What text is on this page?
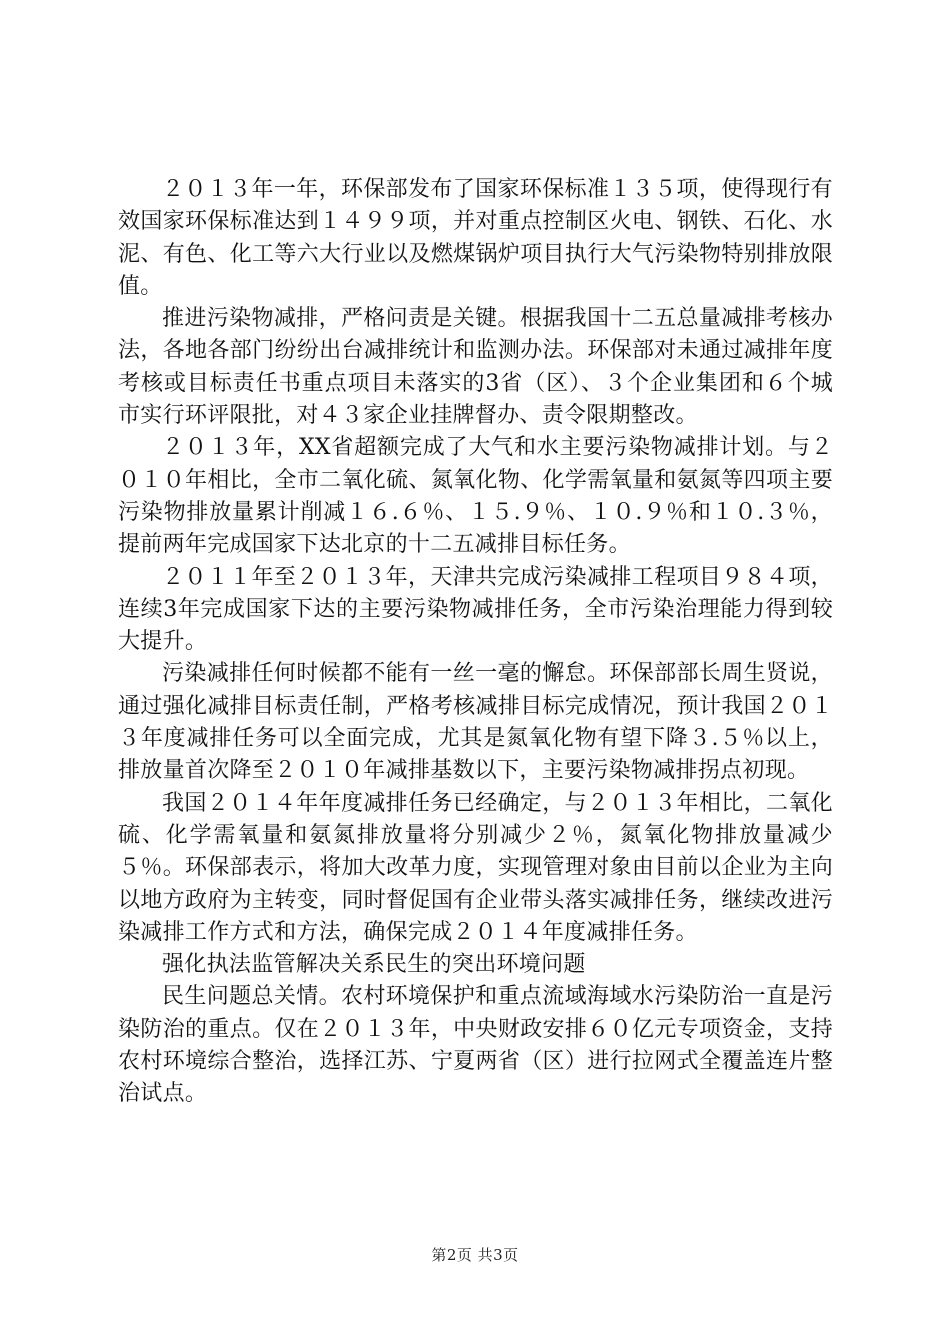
２０１３年一年，环保部发布了国家环保标准１３５项，使得现行有效国家环保标准达到１４９９项，并对重点控制区火电、钢铁、石化、水泥、有色、化工等六大行业以及燃煤锅炉项目执行大气污染物特别排放限值。

推进污染物减排，严格问责是关键。根据我国十二五总量减排考核办法，各地各部门纷纷出台减排统计和监测办法。环保部对未通过减排年度考核或目标责任书重点项目未落实的3省（区）、３个企业集团和６个城市实行环评限批，对４３家企业挂牌督办、责令限期整改。

２０１３年，XX省超额完成了大气和水主要污染物减排计划。与２０１０年相比，全市二氧化硫、氮氧化物、化学需氧量和氨氮等四项主要污染物排放量累计削减１６.６％、１５.９％、１０.９％和１０.３％，提前两年完成国家下达北京的十二五减排目标任务。

２０１１年至２０１３年，天津共完成污染减排工程项目９８４项，连续3年完成国家下达的主要污染物减排任务，全市污染治理能力得到较大提升。

污染减排任何时候都不能有一丝一毫的懈怠。环保部部长周生贤说，通过强化减排目标责任制，严格考核减排目标完成情况，预计我国２０１３年度减排任务可以全面完成，尤其是氮氧化物有望下降３.５％以上，排放量首次降至２０１０年减排基数以下，主要污染物减排拐点初现。

我国２０１４年年度减排任务已经确定，与２０１３年相比，二氧化硫、化学需氧量和氨氮排放量将分别减少２％，氮氧化物排放量减少５％。环保部表示，将加大改革力度，实现管理对象由目前以企业为主向以地方政府为主转变，同时督促国有企业带头落实减排任务，继续改进污染减排工作方式和方法，确保完成２０１４年度减排任务。

强化执法监管解决关系民生的突出环境问题

民生问题总关情。农村环境保护和重点流域海域水污染防治一直是污染防治的重点。仅在２０１３年，中央财政安排６０亿元专项资金，支持农村环境综合整治，选择江苏、宁夏两省（区）进行拉网式全覆盖连片整治试点。

第2页 共3页
